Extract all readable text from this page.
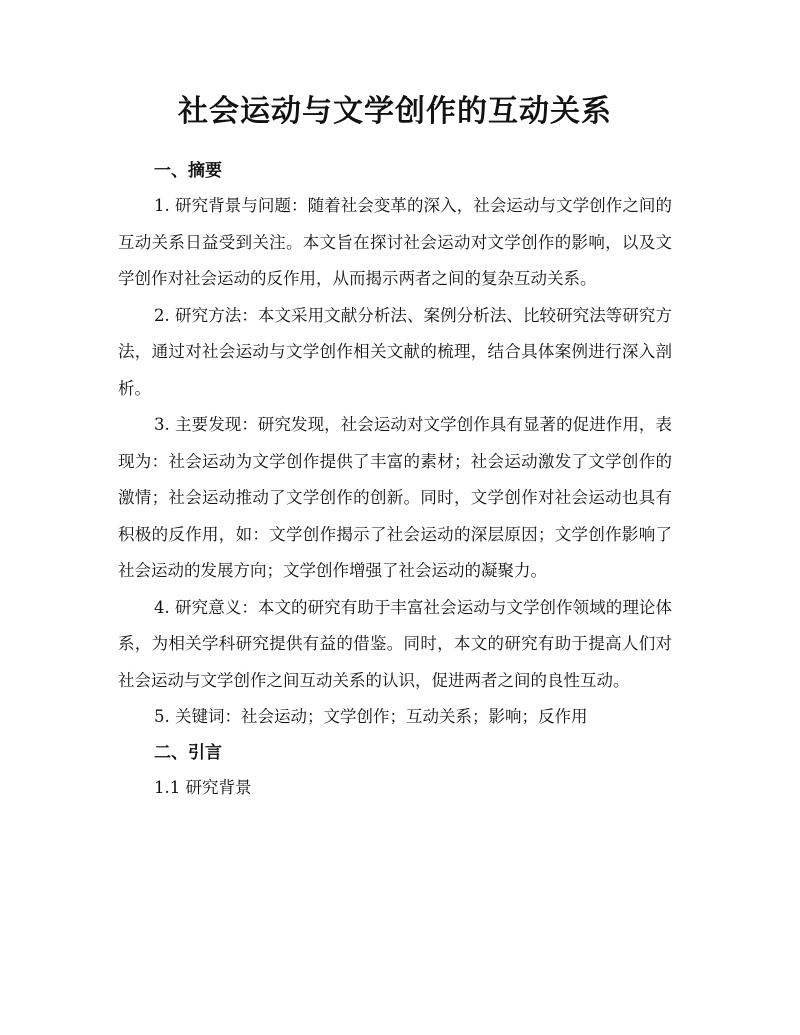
社会运动与文学创作的互动关系
一、摘要

1. 研究背景与问题：随着社会变革的深入，社会运动与文学创作之间的互动关系日益受到关注。本文旨在探讨社会运动对文学创作的影响，以及文学创作对社会运动的反作用，从而揭示两者之间的复杂互动关系。

2. 研究方法：本文采用文献分析法、案例分析法、比较研究法等研究方法，通过对社会运动与文学创作相关文献的梳理，结合具体案例进行深入剖析。

3. 主要发现：研究发现，社会运动对文学创作具有显著的促进作用，表现为：社会运动为文学创作提供了丰富的素材；社会运动激发了文学创作的激情；社会运动推动了文学创作的创新。同时，文学创作对社会运动也具有积极的反作用，如：文学创作揭示了社会运动的深层原因；文学创作影响了社会运动的发展方向；文学创作增强了社会运动的凝聚力。

4. 研究意义：本文的研究有助于丰富社会运动与文学创作领域的理论体系，为相关学科研究提供有益的借鉴。同时，本文的研究有助于提高人们对社会运动与文学创作之间互动关系的认识，促进两者之间的良性互动。

5. 关键词：社会运动；文学创作；互动关系；影响；反作用

二、引言
1.1 研究背景
